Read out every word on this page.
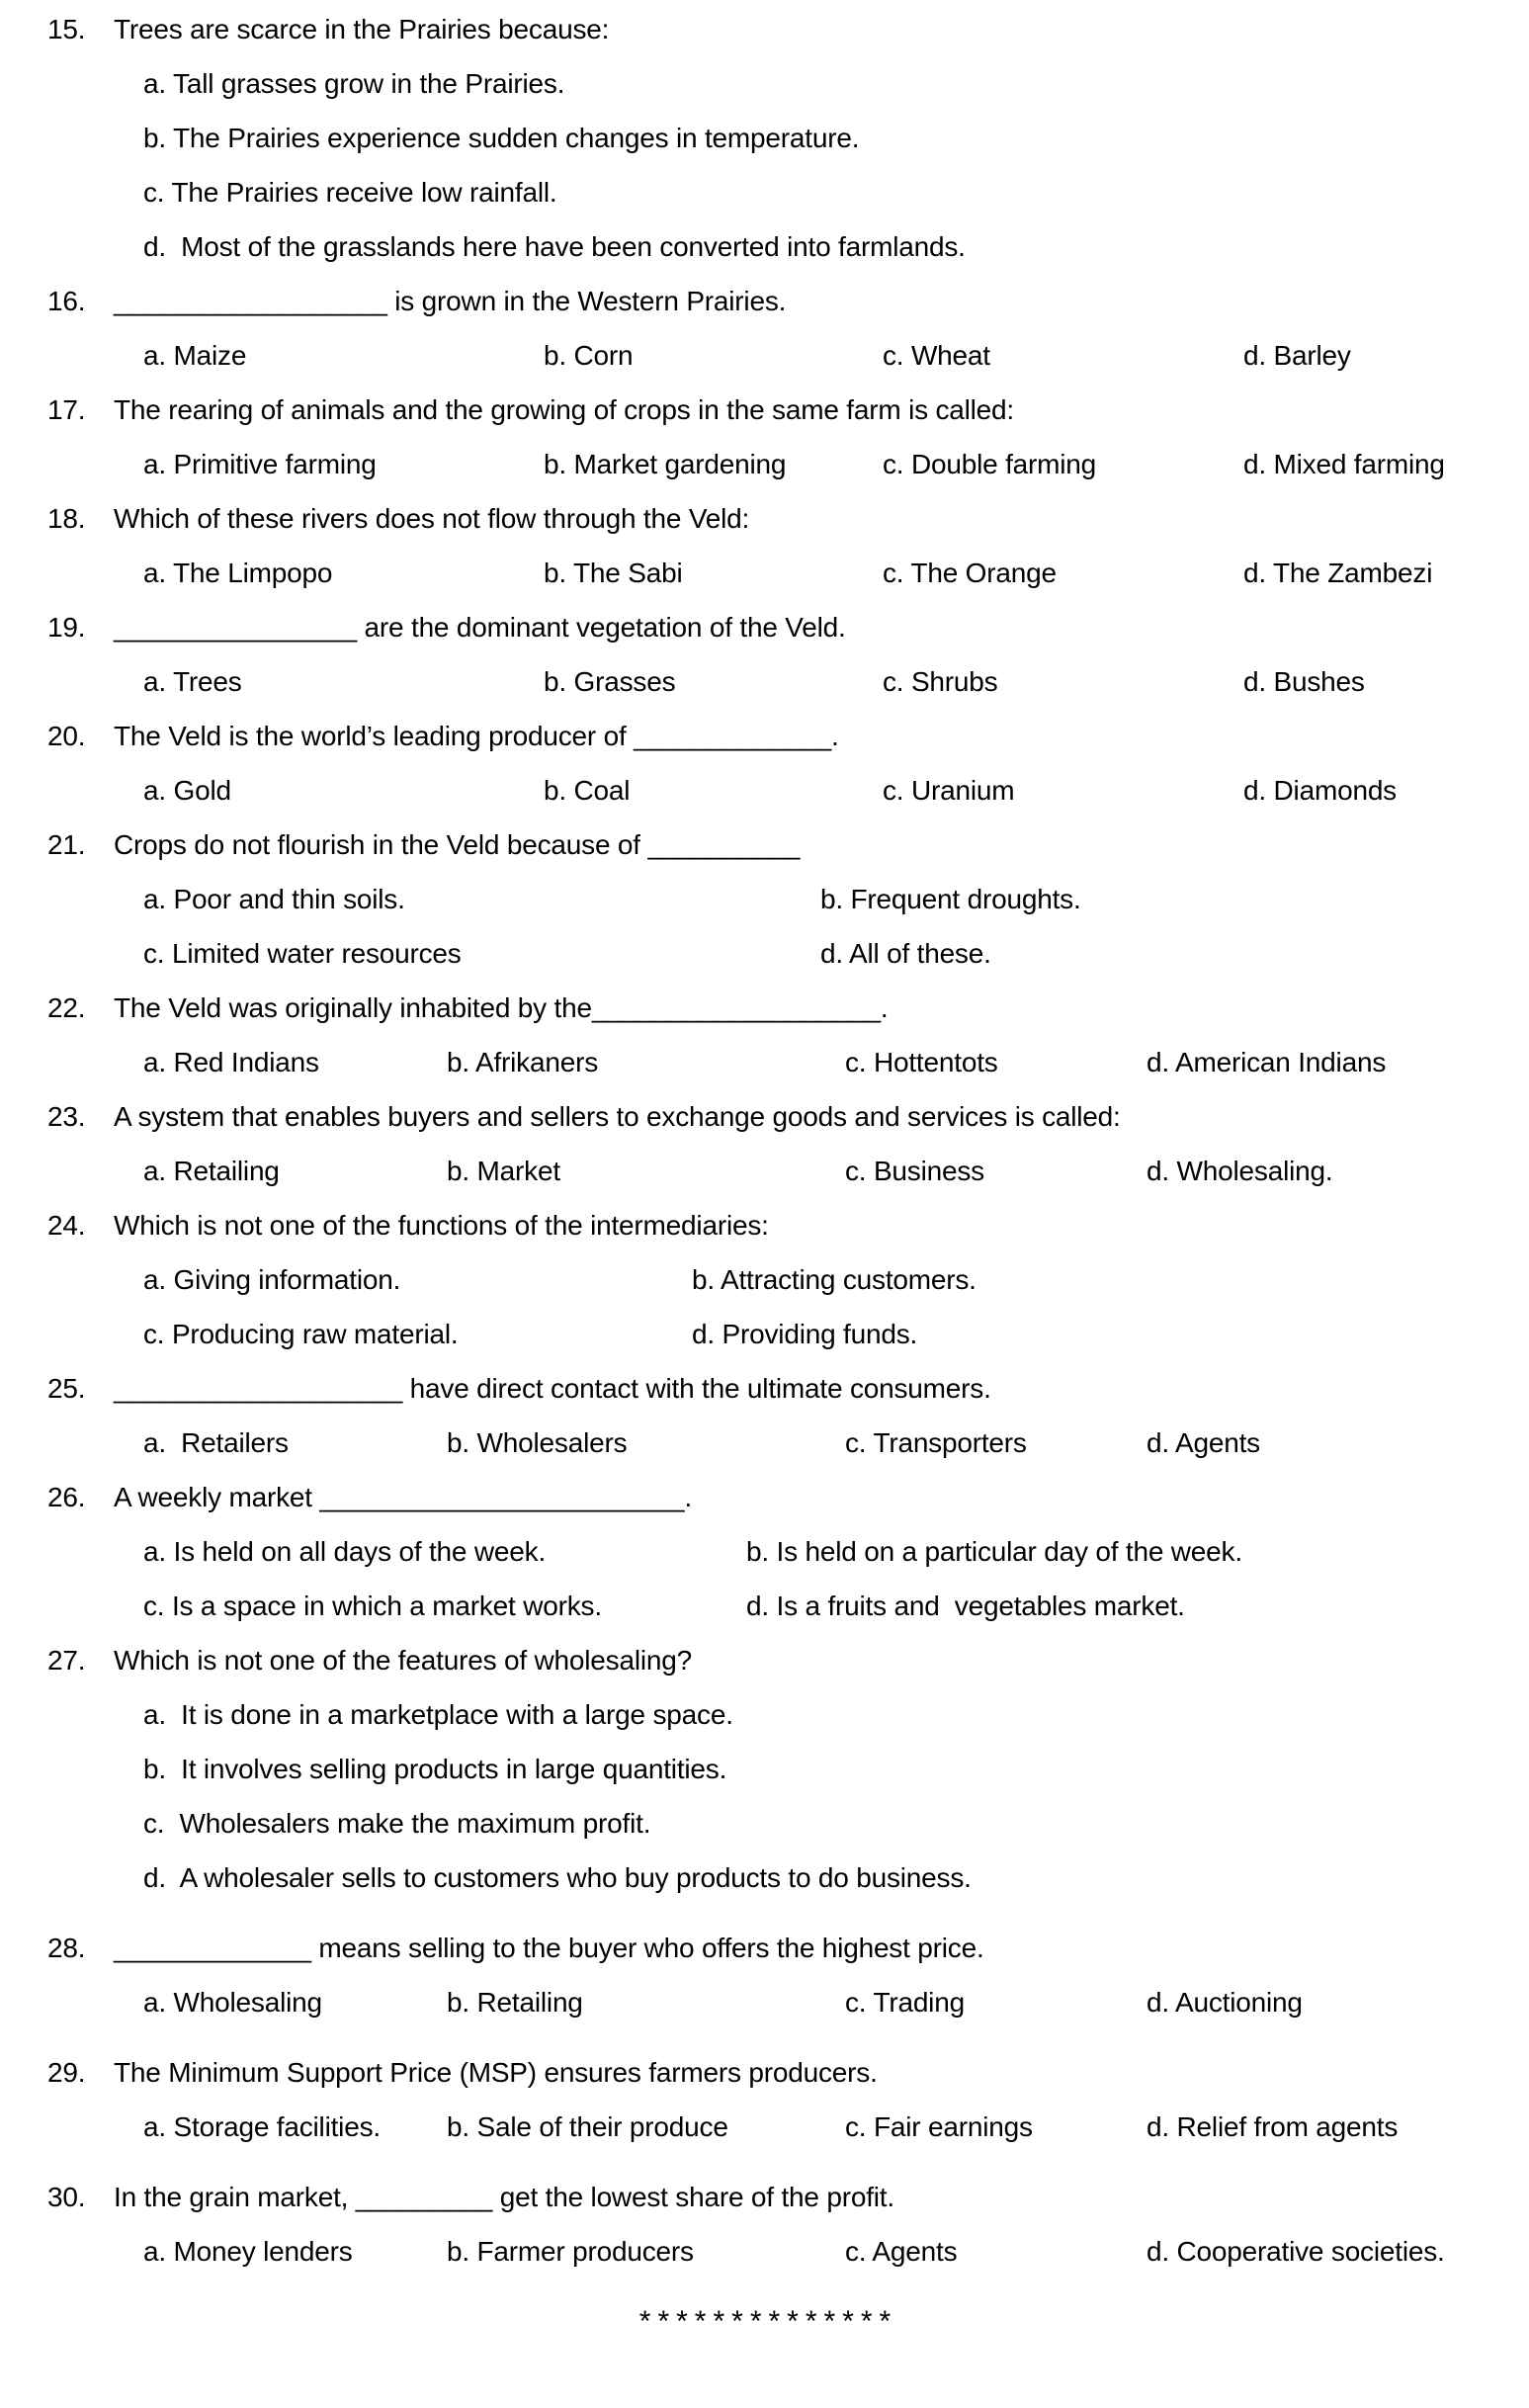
15.	Trees are scarce in the Prairies because:
a. Tall grasses grow in the Prairies.
b. The Prairies experience sudden changes in temperature.
c. The Prairies receive low rainfall.
d.  Most of the grasslands here have been converted into farmlands.
16.	__________________ is grown in the Western Prairies.
a. Maize	b. Corn	c. Wheat	d. Barley
17.	The rearing of animals and the growing of crops in the same farm is called:
a. Primitive farming	b. Market gardening	c. Double farming	d. Mixed farming
18.	Which of these rivers does not flow through the Veld:
a. The Limpopo	b. The Sabi	c. The Orange	d. The Zambezi
19.	________________ are the dominant vegetation of the Veld.
a. Trees	b. Grasses	c. Shrubs	d. Bushes
20.	The Veld is the world’s leading producer of _____________.
a. Gold	b. Coal	c. Uranium	d. Diamonds
21.	Crops do not flourish in the Veld because of __________
a. Poor and thin soils.	b. Frequent droughts.
c. Limited water resources	d. All of these.
22.	The Veld was originally inhabited by the___________________.
a. Red Indians	b. Afrikaners	c. Hottentots	d. American Indians
23.	A system that enables buyers and sellers to exchange goods and services is called:
a. Retailing	b. Market	c. Business	d. Wholesaling.
24.	Which is not one of the functions of the intermediaries:
a. Giving information.	b. Attracting customers.
c. Producing raw material.	d. Providing funds.
25.	___________________ have direct contact with the ultimate consumers.
a.  Retailers	b. Wholesalers	c. Transporters	d. Agents
26.	A weekly market ________________________.
a. Is held on all days of the week.	b. Is held on a particular day of the week.
c. Is a space in which a market works.	d. Is a fruits and  vegetables market.
27.	Which is not one of the features of wholesaling?
a.  It is done in a marketplace with a large space.
b.  It involves selling products in large quantities.
c.  Wholesalers make the maximum profit.
d.  A wholesaler sells to customers who buy products to do business.
28.	_____________ means selling to the buyer who offers the highest price.
a. Wholesaling	b. Retailing	c. Trading	d. Auctioning
29.	The Minimum Support Price (MSP) ensures farmers producers.
a. Storage facilities.	b. Sale of their produce	c. Fair earnings	d. Relief from agents
30.	In the grain market, _________ get the lowest share of the profit.
a. Money lenders	b. Farmer producers	c. Agents	d. Cooperative societies.
**************
